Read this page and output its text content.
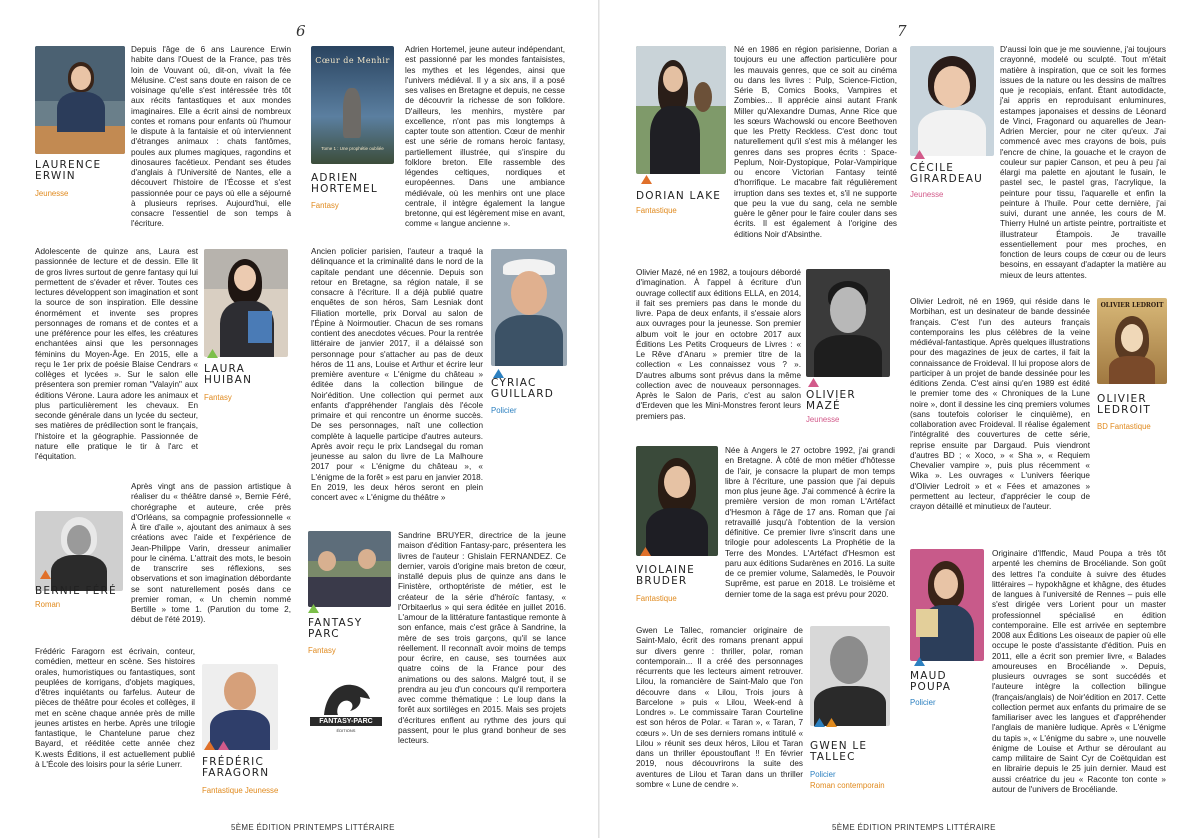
6
LAURENCE ERWIN
Jeunesse
Depuis l'âge de 6 ans Laurence Erwin habite dans l'Ouest de la France, pas très loin de Vouvant où, dit-on, vivait la fée Mélusine. C'est sans doute en raison de ce voisinage qu'elle s'est intéressée très tôt aux récits fantastiques et aux mondes imaginaires. Elle a écrit ainsi de nombreux contes et romans pour enfants où l'humour le dispute à la fantaisie et où interviennent d'étranges animaux : chats fantômes, poules aux plumes magiques, ragondins et dinosaures facétieux. Pendant ses études d'anglais à l'Université de Nantes, elle a découvert l'histoire de l'Écosse et s'est passionnée pour ce pays où elle a séjourné à plusieurs reprises. Aujourd'hui, elle consacre l'essentiel de son temps à l'écriture.
Adolescente de quinze ans, Laura est passionnée de lecture et de dessin. Elle lit de gros livres surtout de genre fantasy qui lui permettent de s'évader et rêver. Toutes ces lectures développent son imagination et sont la source de son inspiration. Elle dessine énormément et invente ses propres personnages de romans et de contes et a une préférence pour les elfes, les créatures enchantées ainsi que les personnages féminins du Moyen-Âge. En 2015, elle a reçu le 1er prix de poésie Blaise Cendrars « collèges et lycées ». Sur le salon elle présentera son premier roman "Valayin" aux éditions Vérone. Laura adore les animaux et plus particulièrement les chevaux. En seconde générale dans un lycée du secteur, ses matières de prédilection sont le français, l'histoire et la géographie. Passionnée de nature elle pratique le tir à l'arc et l'équitation.
LAURA HUIBAN
Fantasy
BERNIE FÉRÉ
Roman
Après vingt ans de passion artistique à réaliser du « théâtre dansé », Bernie Féré, chorégraphe et auteure, crée près d'Orléans, sa compagnie professionnelle « À tire d'aile », ajoutant des animaux à ses créations avec l'aide et l'expérience de Jean-Philippe Varin, dresseur animalier pour le cinéma. L'attrait des mots, le besoin de transcrire ses réflexions, ses observations et son imagination débordante se sont naturellement posés dans ce premier roman, « Un chemin nommé Bertille » tome 1. (Parution du tome 2, début de l'été 2019).
Frédéric Faragorn est écrivain, conteur, comédien, metteur en scène. Ses histoires orales, humoristiques ou fantastiques, sont peuplées de korrigans, d'objets magiques, d'êtres inquiétants ou farfelus. Auteur de pièces de théâtre pour écoles et collèges, il met en scène chaque année près de mille jeunes artistes en herbe. Après une trilogie fantastique, le Chantelune parue chez Bayard, et rééditée cette année chez K.wests Éditions, il est actuellement publié à L'École des loisirs pour la série Lunerr.	FRÉDÉRIC FARAGORN
Fantastique Jeunesse
Cœur de Menhir
Tome 1 : Une prophétie oubliée
ADRIEN HORTEMEL
Fantasy
Adrien Hortemel, jeune auteur indépendant, est passionné par les mondes fantaisistes, les mythes et les légendes, ainsi que l'univers médiéval. Il y a six ans, il a posé ses valises en Bretagne et depuis, ne cesse de découvrir la richesse de son folklore. D'ailleurs, les menhirs, mystère par excellence, n'ont pas mis longtemps à capter toute son attention. Cœur de menhir est une série de romans heroic fantasy, partiellement illustrée, qui s'inspire du folklore breton. Elle rassemble des légendes celtiques, nordiques et européennes. Dans une ambiance médiévale, où les menhirs ont une place centrale, il intègre également la langue bretonne, qui est légèrement mise en avant, comme « langue ancienne ».
Ancien policier parisien, l'auteur a traqué la délinquance et la criminalité dans le nord de la capitale pendant une décennie. Depuis son retour en Bretagne, sa région natale, il se consacre à l'écriture. Il a déjà publié quatre enquêtes de son héros, Sam Lesniak dont Filiation mortelle, prix Dorval au salon de l'Épine à Noirmoutier. Chacun de ses romans contient des anecdotes vécues. Pour la rentrée littéraire de janvier 2017, il a délaissé son personnage pour s'attacher au pas de deux héros de 11 ans, Louise et Arthur et écrire leur première aventure « L'énigme du château » éditée dans la collection bilingue de Noir'édition. Une collection qui permet aux enfants d'appréhender l'anglais dès l'école primaire et qui rencontre un énorme succès. De ses personnages, naît une collection complète à laquelle participe d'autres auteurs. Après avoir reçu le prix Landsegal du roman jeunesse au salon du livre de La Malhoure 2017 pour « L'énigme du château », « L'énigme de la forêt » est paru en janvier 2018. En 2019, les deux héros seront en plein concert avec « L'énigme du théâtre »
CYRIAC GUILLARD
Policier
FANTASY PARC
Fantasy
FANTASY-PARC
ÉDITIONS
Sandrine BRUYER, directrice de la jeune maison d'édition Fantasy-parc, présentera les livres de l'auteur : Ghislain FERNANDEZ. Ce dernier, varois d'origine mais breton de cœur, installé depuis plus de quinze ans dans le Finistère, orthoptériste de métier, est le créateur de la série d'héroïc fantasy, « l'Orbitaerlus » qui sera éditée en juillet 2016. L'amour de la littérature fantastique remonte à son enfance, mais c'est grâce à Sandrine, la mère de ses trois garçons, qu'il se lance réellement. Il reconnaît avoir moins de temps pour écrire, en cause, ses tournées aux quatre coins de la France pour des animations ou des salons. Malgré tout, il se prendra au jeu d'un concours qu'il remportera avec comme thématique : Le loup dans la forêt aux sortilèges en 2015. Mais ses projets d'écritures enflent au rythme des jours qui passent, pour le plus grand bonheur de ses lecteurs.
5ÈME ÉDITION PRINTEMPS LITTÉRAIRE
7
DORIAN LAKE
Fantastique
Né en 1986 en région parisienne, Dorian a toujours eu une affection particulière pour les mauvais genres, que ce soit au cinéma ou dans les livres : Pulp, Science-Fiction, Série B, Comics Books, Vampires et Zombies... Il apprécie ainsi autant Frank Miller qu'Alexandre Dumas, Anne Rice que les sœurs Wachowski ou encore Beethoven que les Pretty Reckless. C'est donc tout naturellement qu'il s'est mis à mélanger les genres dans ses propres écrits : Space-Peplum, Noir-Dystopique, Polar-Vampirique ou encore Victorian Fantasy teinté d'horrifique. Le macabre fait régulièrement irruption dans ses textes et, s'il ne supporte que peu la vue du sang, cela ne semble guère le gêner pour le faire couler dans ses écrits. Il est également à l'origine des éditions Noir d'Absinthe.
Olivier Mazé, né en 1982, a toujours débordé d'imagination. À l'appel à écriture d'un ouvrage collectif aux éditions ELLA, en 2014, il fait ses premiers pas dans le monde du livre. Papa de deux enfants, il s'essaie alors aux ouvrages pour la jeunesse. Son premier album voit le jour en octobre 2017 aux Éditions Les Petits Croqueurs de Livres : « Le Rêve d'Anaru » premier titre de la collection « Les connaissez vous ? ». D'autres albums sont prévus dans la même collection avec de nouveaux personnages. Après le Salon de Paris, c'est au salon d'Erdeven que les Mini-Monstres feront leurs premiers pas.
OLIVIER MAZÉ
Jeunesse
VIOLAINE BRUDER
Fantastique
Née à Angers le 27 octobre 1992, j'ai grandi en Bretagne. À côté de mon métier d'hôtesse de l'air, je consacre la plupart de mon temps libre à l'écriture, une passion que j'ai depuis mon plus jeune âge. J'ai commencé à écrire la première version de mon roman L'Artéfact d'Hesmon à l'âge de 17 ans. Roman que j'ai retravaillé jusqu'à l'obtention de la version définitive. Ce premier livre s'inscrit dans une trilogie pour adolescents La Prophétie de la Terre des Mondes. L'Artéfact d'Hesmon est paru aux éditions Sudarènes en 2016. La suite de ce premier volume, Salamedès, le Pouvoir Suprême, est parue en 2018. Le troisième et dernier tome de la saga est prévu pour 2020.
Gwen Le Tallec, romancier originaire de Saint-Malo, écrit des romans prenant appui sur divers genre : thriller, polar, roman contemporain... Il a créé des personnages récurrents que les lecteurs aiment retrouver. Lilou, la romancière de Saint-Malo que l'on découvre dans « Lilou, Trois jours à Barcelone » puis « Lilou, Week-end à Londres ». Le commissaire Taran Courteline est son héros de Polar. « Taran », « Taran, 7 cœurs ». Un de ses derniers romans intitulé « Lilou » réunit ses deux héros, Lilou et Taran dans un thriller époustouflant !! En février 2019, nous découvrirons la suite des aventures de Lilou et Taran dans un thriller sombre « Lune de cendre ».
GWEN LE TALLEC
Policier
Roman contemporain
CÉCILE GIRARDEAU
Jeunesse
D'aussi loin que je me souvienne, j'ai toujours crayonné, modelé ou sculpté. Tout m'était matière à inspiration, que ce soit les formes issues de la nature ou les dessins de maîtres que je recopiais, enfant. Étant autodidacte, j'ai appris en reproduisant enluminures, estampes japonaises et dessins de Léonard de Vinci, Fragonard ou aquarelles de Jean-Adrien Mercier, pour ne citer qu'eux. J'ai commencé avec mes crayons de bois, puis l'encre de chine, la gouache et le crayon de couleur sur papier Canson, et peu à peu j'ai élargi ma palette en ajoutant le fusain, le pastel sec, le pastel gras, l'acrylique, la peinture pour tissu, l'aquarelle et enfin la peinture à l'huile. Pour cette dernière, j'ai suivi, durant une année, les cours de M. Thierry Hulné un artiste peintre, portraitiste et illustrateur Étampois. Je travaille essentiellement pour mes proches, en fonction de leurs coups de cœur ou de leurs besoins, en essayant d'adapter la matière au mieux de leurs attentes.
Olivier Ledroit, né en 1969, qui réside dans le Morbihan, est un desinateur de bande dessinée français. C'est l'un des auteurs français contemporains les plus célèbres de la veine médiéval-fantastique. Après quelques illustrations pour des magazines de jeux de cartes, il fait la connaissance de Froideval. Il lui propose alors de participer à un projet de bande dessinée pour les éditions Zenda. C'est ainsi qu'en 1989 est édité le premier tome des « Chroniques de la Lune noire », dont il dessine les cinq premiers volumes (sans toutefois coloriser le cinquième), en collaboration avec Froideval. Il réalise également l'intégralité des couvertures de cette série, reprise ensuite par Dargaud. Puis viendront d'autres BD ; « Xoco, » « Sha », « Requiem Chevalier vampire », puis plus récemment « Wika ». Les ouvrages « L'univers féerique d'Olivier Ledroit » et « Fées et amazones » permettent au lecteur, d'apprécier le coup de crayon détaillé et minutieux de l'auteur.
OLIVIER LEDROIT
OLIVIER LEDROIT
BD Fantastique
MAUD POUPA
Policier
Originaire d'Iffendic, Maud Poupa a très tôt arpenté les chemins de Brocéliande. Son goût des lettres l'a conduite à suivre des études littéraires – hypokhâgne et khâgne, des études de langues à l'université de Rennes – puis elle s'est dirigée vers Lorient pour un master professionnel spécialisé en édition contemporaine. Elle est arrivée en septembre 2008 aux Éditions Les oiseaux de papier où elle occupe le poste d'assistante d'édition. Puis en 2011, elle a écrit son premier livre, « Balades amoureuses en Brocéliande ». Depuis, plusieurs ouvrages se sont succédés et l'auteure intègre la collection bilingue (français/anglais) de Noir'édition en 2017. Cette collection permet aux enfants du primaire de se familiariser avec les langues et d'appréhender l'anglais de manière ludique. Après « L'énigme du tapis », « L'énigme du sabre », une nouvelle énigme de Louise et Arthur se déroulant au camp militaire de Saint Cyr de Coëtquidan est en librairie depuis le 25 juin dernier. Maud est aussi créatrice du jeu « Raconte ton conte » autour de l'univers de Brocéliande.
5ÈME ÉDITION PRINTEMPS LITTÉRAIRE
